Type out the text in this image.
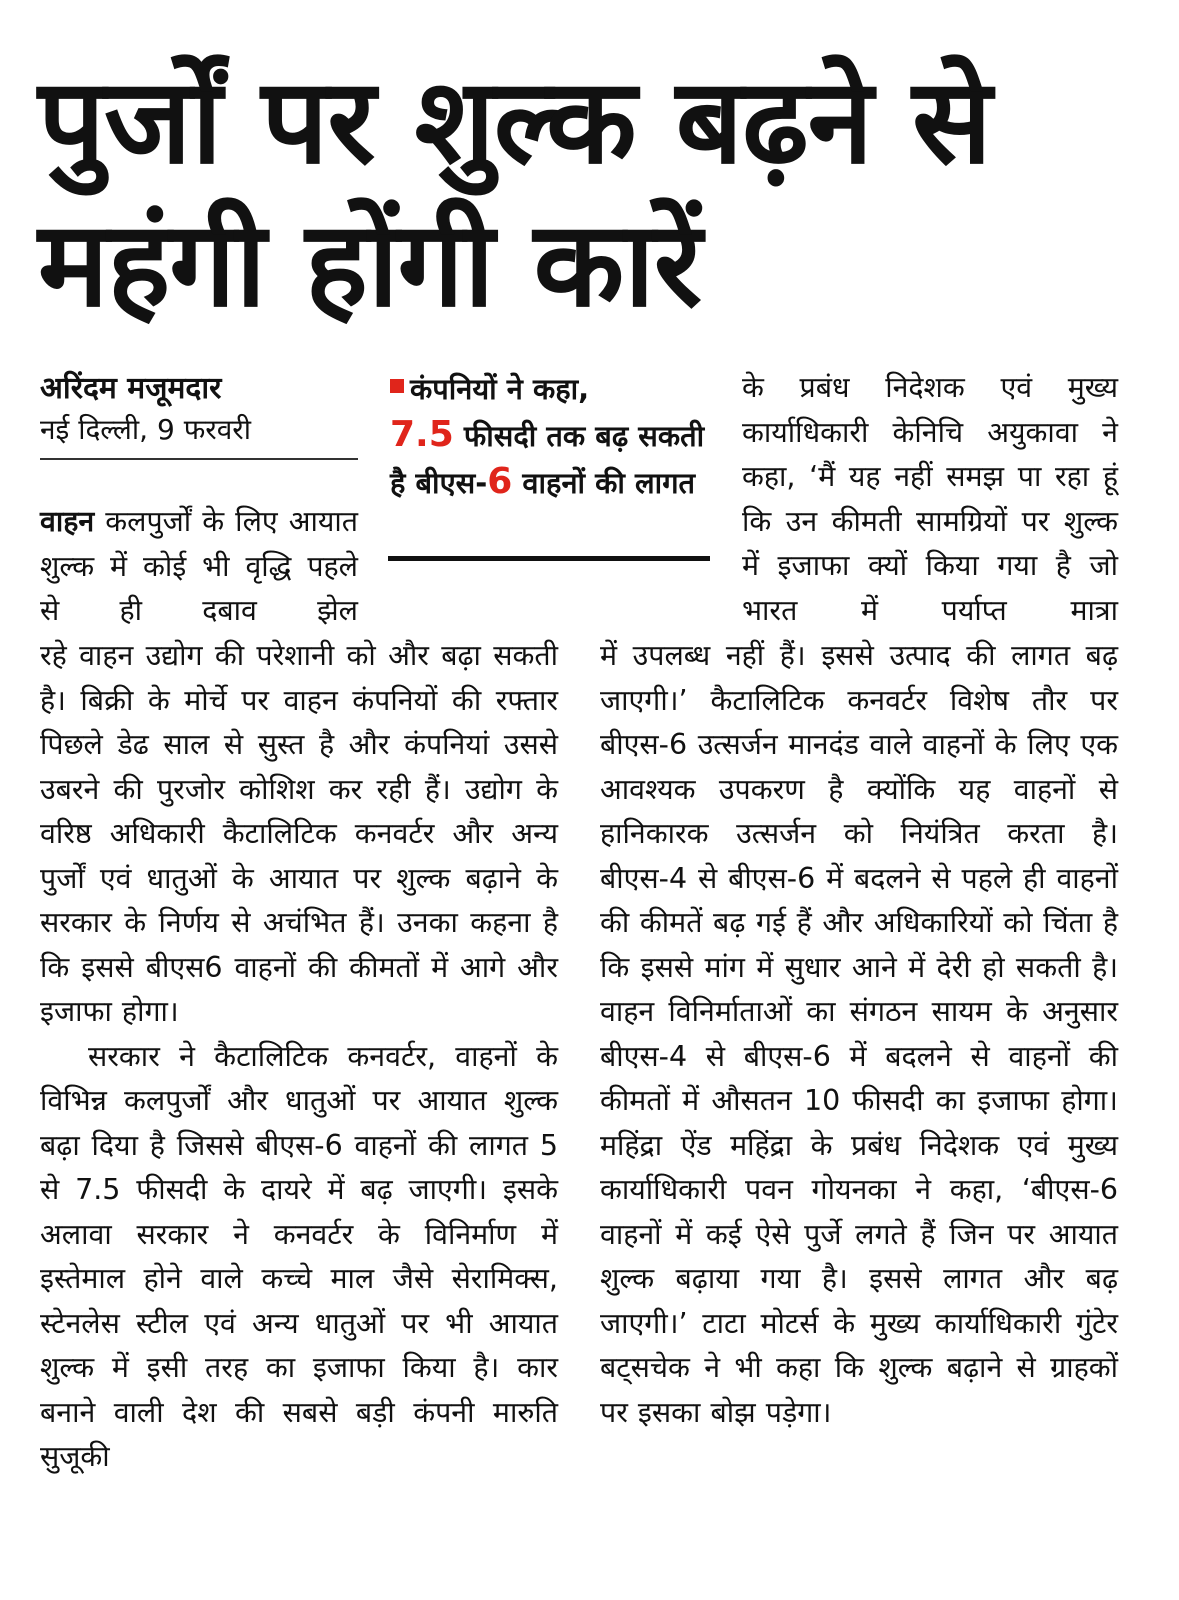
पुर्जों पर शुल्क बढ़ने से
महंगी होंगी कारें
अरिंदम मजूमदार
नई दिल्ली, 9 फरवरी
कंपनियों ने कहा,
7.5 फीसदी तक बढ़ सकती है बीएस-6 वाहनों की लागत

वाहन कलपुर्जों के लिए आयात शुल्क में कोई भी वृद्धि पहले से ही दबाव झेल

रहे वाहन उद्योग की परेशानी को और बढ़ा सकती है। बिक्री के मोर्चे पर वाहन कंपनियों की रफ्तार पिछले डेढ साल से सुस्त है और कंपनियां उससे उबरने की पुरजोर कोशिश कर रही हैं। उद्योग के वरिष्ठ अधिकारी कैटालिटिक कनवर्टर और अन्य पुर्जों एवं धातुओं के आयात पर शुल्क बढ़ाने के सरकार के निर्णय से अचंभित हैं। उनका कहना है कि इससे बीएस6 वाहनों की कीमतों में आगे और इजाफा होगा।

सरकार ने कैटालिटिक कनवर्टर, वाहनों के विभिन्न कलपुर्जों और धातुओं पर आयात शुल्क बढ़ा दिया है जिससे बीएस-6 वाहनों की लागत 5 से 7.5 फीसदी के दायरे में बढ़ जाएगी। इसके अलावा सरकार ने कनवर्टर के विनिर्माण में इस्तेमाल होने वाले कच्चे माल जैसे सेरामिक्स, स्टेनलेस स्टील एवं अन्य धातुओं पर भी आयात शुल्क में इसी तरह का इजाफा किया है। कार बनाने वाली देश की सबसे बड़ी कंपनी मारुति सुजूकी

के प्रबंध निदेशक एवं मुख्य कार्याधिकारी केनिचि अयुकावा ने कहा, ‘मैं यह नहीं समझ पा रहा हूं कि उन कीमती सामग्रियों पर शुल्क में इजाफा क्यों किया गया है जो भारत में पर्याप्त मात्रा

में उपलब्ध नहीं हैं। इससे उत्पाद की लागत बढ़ जाएगी।’ कैटालिटिक कनवर्टर विशेष तौर पर बीएस-6 उत्सर्जन मानदंड वाले वाहनों के लिए एक आवश्यक उपकरण है क्योंकि यह वाहनों से हानिकारक उत्सर्जन को नियंत्रित करता है। बीएस-4 से बीएस-6 में बदलने से पहले ही वाहनों की कीमतें बढ़ गई हैं और अधिकारियों को चिंता है कि इससे मांग में सुधार आने में देरी हो सकती है। वाहन विनिर्माताओं का संगठन सायम के अनुसार बीएस-4 से बीएस-6 में बदलने से वाहनों की कीमतों में औसतन 10 फीसदी का इजाफा होगा। महिंद्रा ऐंड महिंद्रा के प्रबंध निदेशक एवं मुख्य कार्याधिकारी पवन गोयनका ने कहा, ‘बीएस-6 वाहनों में कई ऐसे पुर्जे लगते हैं जिन पर आयात शुल्क बढ़ाया गया है। इससे लागत और बढ़ जाएगी।’ टाटा मोटर्स के मुख्य कार्याधिकारी गुंटेर बट्सचेक ने भी कहा कि शुल्क बढ़ाने से ग्राहकों पर इसका बोझ पड़ेगा।
